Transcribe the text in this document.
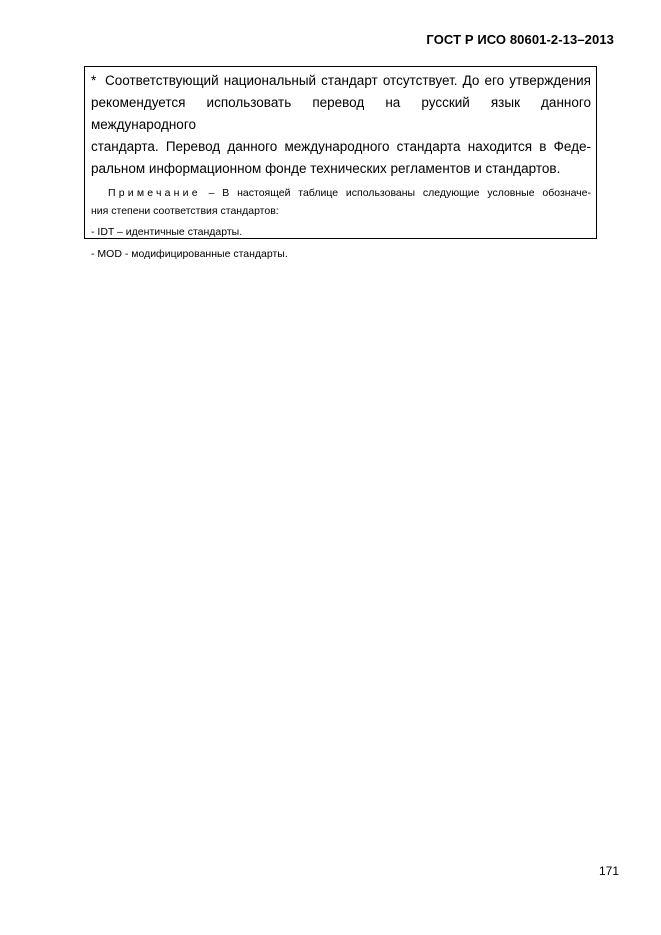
ГОСТ Р ИСО 80601-2-13–2013

* Соответствующий национальный стандарт отсутствует. До его утверждения
рекомендуется использовать перевод на русский язык данного международного
стандарта. Перевод данного международного стандарта находится в Феде-
ральном информационном фонде технических регламентов и стандартов.

Примечание – В настоящей таблице использованы следующие условные обозначе-
ния степени соответствия стандартов:

- IDT – идентичные стандарты.

- MOD - модифицированные стандарты.

171
